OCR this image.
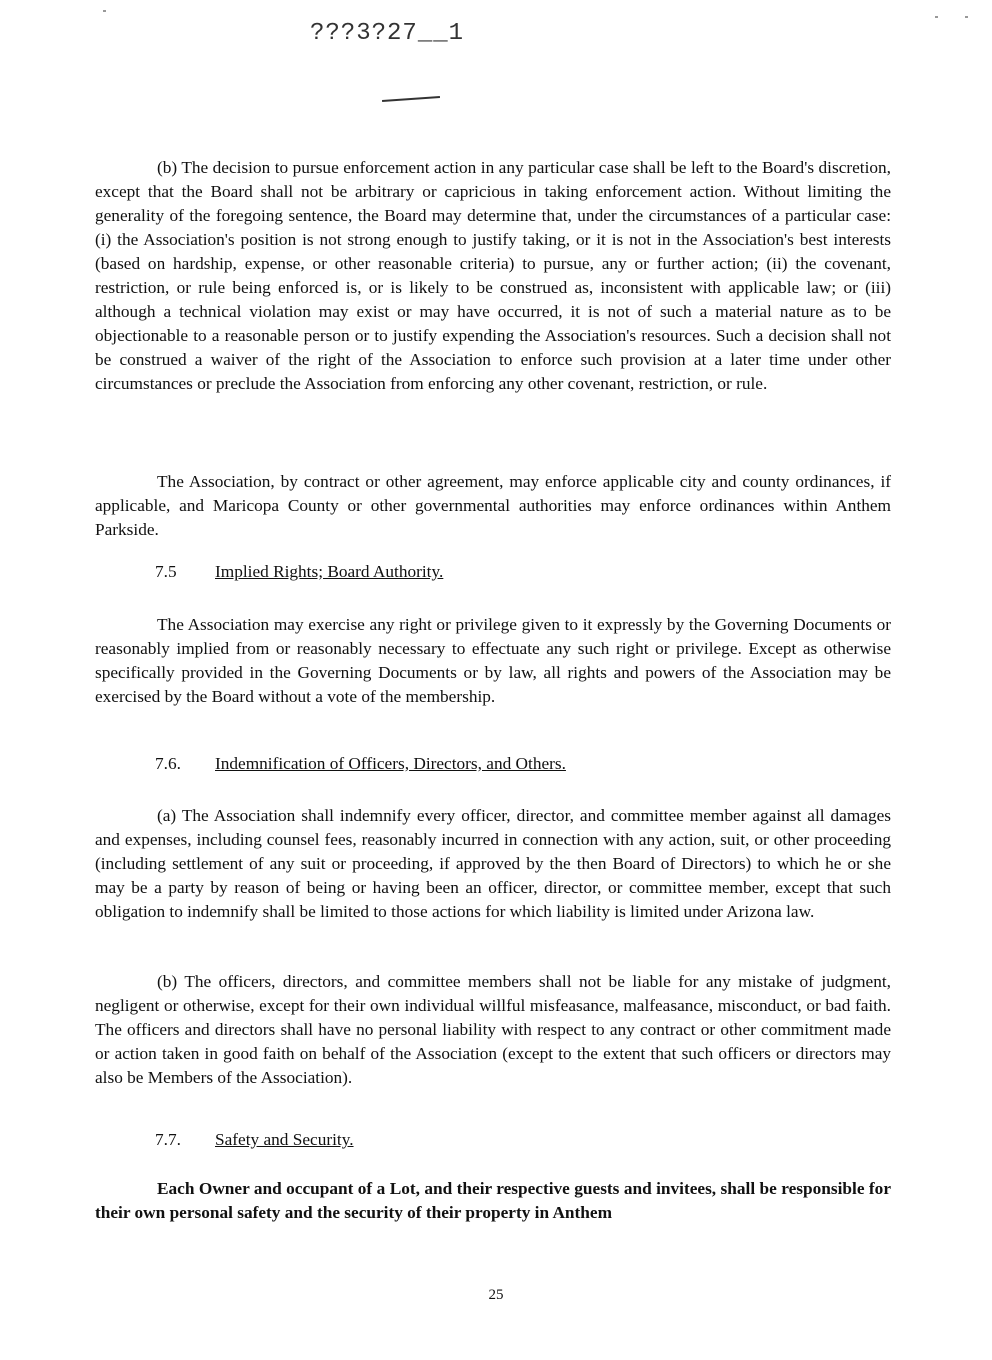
???3?27__1

(b) The decision to pursue enforcement action in any particular case shall be left to the Board's discretion, except that the Board shall not be arbitrary or capricious in taking enforcement action. Without limiting the generality of the foregoing sentence, the Board may determine that, under the circumstances of a particular case: (i) the Association's position is not strong enough to justify taking, or it is not in the Association's best interests (based on hardship, expense, or other reasonable criteria) to pursue, any or further action; (ii) the covenant, restriction, or rule being enforced is, or is likely to be construed as, inconsistent with applicable law; or (iii) although a technical violation may exist or may have occurred, it is not of such a material nature as to be objectionable to a reasonable person or to justify expending the Association's resources. Such a decision shall not be construed a waiver of the right of the Association to enforce such provision at a later time under other circumstances or preclude the Association from enforcing any other covenant, restriction, or rule.

The Association, by contract or other agreement, may enforce applicable city and county ordinances, if applicable, and Maricopa County or other governmental authorities may enforce ordinances within Anthem Parkside.

7.5 Implied Rights; Board Authority.

The Association may exercise any right or privilege given to it expressly by the Governing Documents or reasonably implied from or reasonably necessary to effectuate any such right or privilege. Except as otherwise specifically provided in the Governing Documents or by law, all rights and powers of the Association may be exercised by the Board without a vote of the membership.

7.6. Indemnification of Officers, Directors, and Others.

(a) The Association shall indemnify every officer, director, and committee member against all damages and expenses, including counsel fees, reasonably incurred in connection with any action, suit, or other proceeding (including settlement of any suit or proceeding, if approved by the then Board of Directors) to which he or she may be a party by reason of being or having been an officer, director, or committee member, except that such obligation to indemnify shall be limited to those actions for which liability is limited under Arizona law.

(b) The officers, directors, and committee members shall not be liable for any mistake of judgment, negligent or otherwise, except for their own individual willful misfeasance, malfeasance, misconduct, or bad faith. The officers and directors shall have no personal liability with respect to any contract or other commitment made or action taken in good faith on behalf of the Association (except to the extent that such officers or directors may also be Members of the Association).

7.7. Safety and Security.

Each Owner and occupant of a Lot, and their respective guests and invitees, shall be responsible for their own personal safety and the security of their property in Anthem

25
